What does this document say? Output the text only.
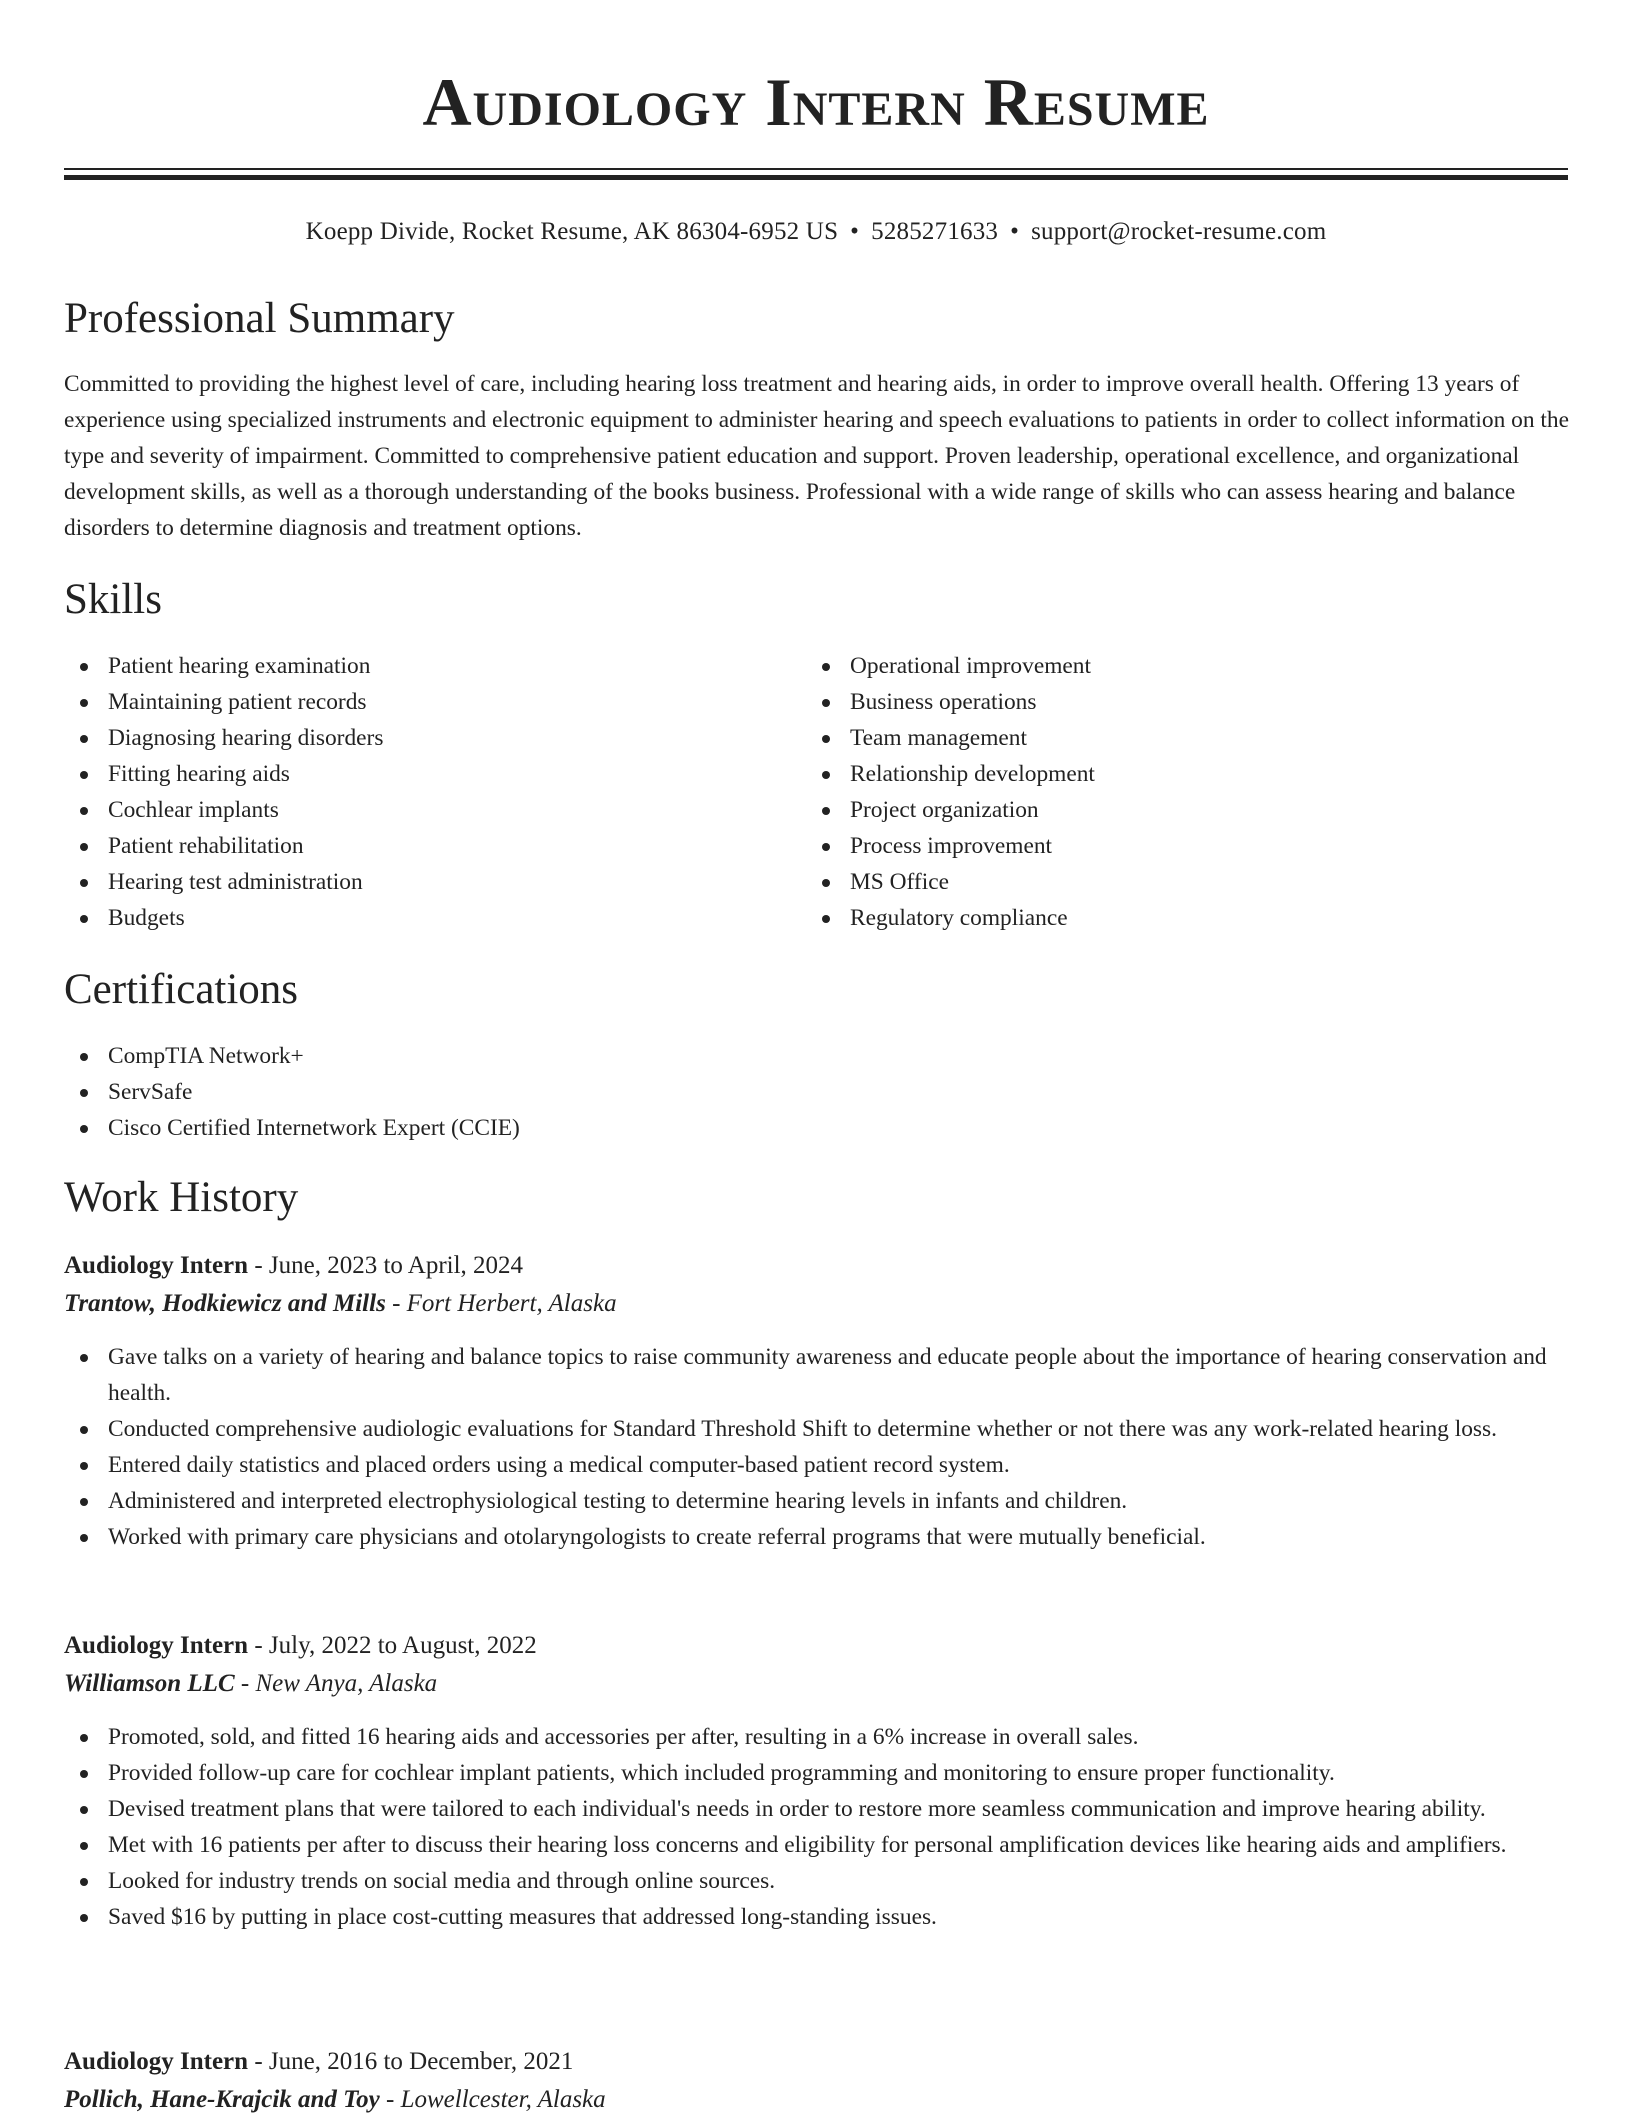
Audiology Intern Resume
Koepp Divide, Rocket Resume, AK 86304-6952 US • 5285271633 • support@rocket-resume.com
Professional Summary

Committed to providing the highest level of care, including hearing loss treatment and hearing aids, in order to improve overall health. Offering 13 years of experience using specialized instruments and electronic equipment to administer hearing and speech evaluations to patients in order to collect information on the type and severity of impairment. Committed to comprehensive patient education and support. Proven leadership, operational excellence, and organizational development skills, as well as a thorough understanding of the books business. Professional with a wide range of skills who can assess hearing and balance disorders to determine diagnosis and treatment options.

Skills
Patient hearing examination
Maintaining patient records
Diagnosing hearing disorders
Fitting hearing aids
Cochlear implants
Patient rehabilitation
Hearing test administration
Budgets
Operational improvement
Business operations
Team management
Relationship development
Project organization
Process improvement
MS Office
Regulatory compliance
Certifications
CompTIA Network+
ServSafe
Cisco Certified Internetwork Expert (CCIE)
Work History
Audiology Intern - June, 2023 to April, 2024
Trantow, Hodkiewicz and Mills - Fort Herbert, Alaska
Gave talks on a variety of hearing and balance topics to raise community awareness and educate people about the importance of hearing conservation and health.
Conducted comprehensive audiologic evaluations for Standard Threshold Shift to determine whether or not there was any work-related hearing loss.
Entered daily statistics and placed orders using a medical computer-based patient record system.
Administered and interpreted electrophysiological testing to determine hearing levels in infants and children.
Worked with primary care physicians and otolaryngologists to create referral programs that were mutually beneficial.
Audiology Intern - July, 2022 to August, 2022
Williamson LLC - New Anya, Alaska
Promoted, sold, and fitted 16 hearing aids and accessories per after, resulting in a 6% increase in overall sales.
Provided follow-up care for cochlear implant patients, which included programming and monitoring to ensure proper functionality.
Devised treatment plans that were tailored to each individual's needs in order to restore more seamless communication and improve hearing ability.
Met with 16 patients per after to discuss their hearing loss concerns and eligibility for personal amplification devices like hearing aids and amplifiers.
Looked for industry trends on social media and through online sources.
Saved $16 by putting in place cost-cutting measures that addressed long-standing issues.
Audiology Intern - June, 2016 to December, 2021
Pollich, Hane-Krajcik and Toy - Lowellcester, Alaska
